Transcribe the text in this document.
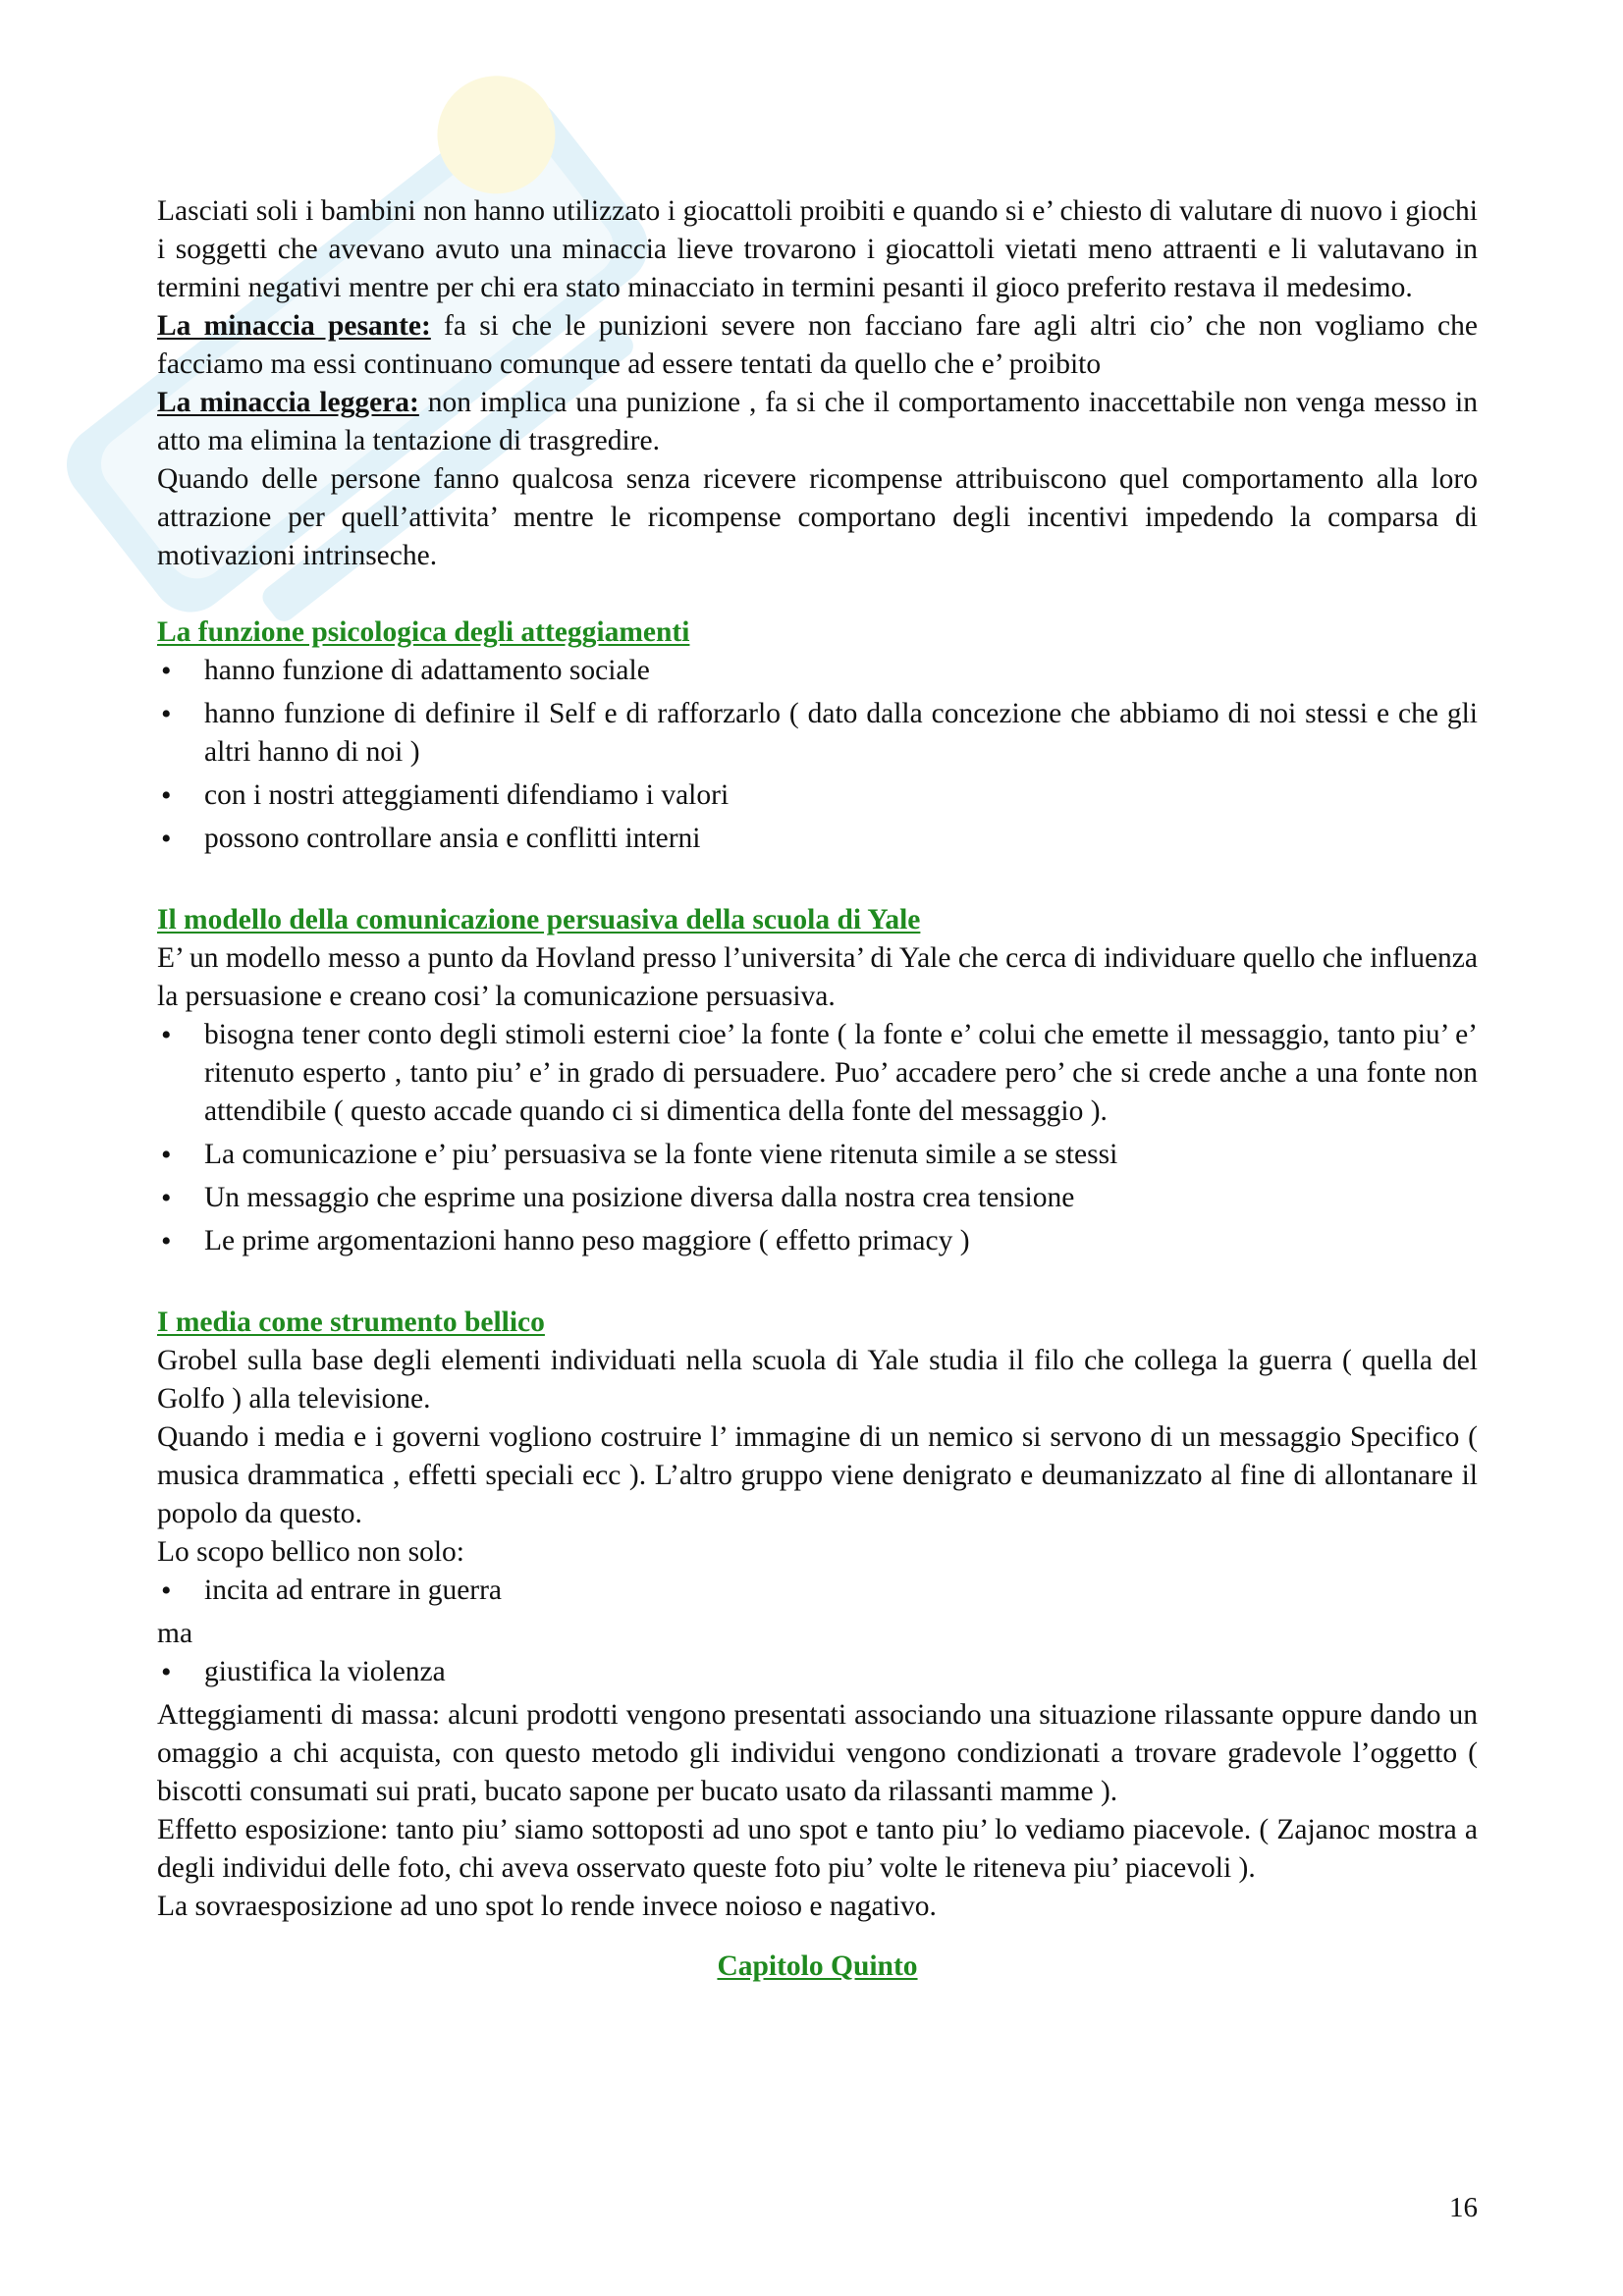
Lasciati soli i bambini non hanno utilizzato i giocattoli proibiti e quando si e’ chiesto di valutare di nuovo i giochi i soggetti che avevano avuto una minaccia lieve trovarono i giocattoli vietati meno attraenti e li valutavano in termini negativi mentre per chi era stato minacciato in termini pesanti il gioco preferito restava il medesimo.

La minaccia pesante: fa si che le punizioni severe non facciano fare agli altri cio’ che non vogliamo che facciamo ma essi continuano comunque ad essere tentati da quello che e’ proibito

La minaccia leggera: non implica una punizione , fa si che il comportamento inaccettabile non venga messo in atto ma elimina la tentazione di trasgredire.

Quando delle persone fanno qualcosa senza ricevere ricompense attribuiscono quel comportamento alla loro attrazione per quell’attivita’ mentre le ricompense comportano degli incentivi impedendo la comparsa di motivazioni intrinseche.

La funzione psicologica degli atteggiamenti

• hanno funzione di adattamento sociale
• hanno funzione di definire il Self e di rafforzarlo ( dato dalla concezione che abbiamo di noi stessi e che gli altri hanno di noi )
• con i nostri atteggiamenti difendiamo i valori
• possono controllare ansia e conflitti interni

Il modello della comunicazione persuasiva della scuola di Yale

E’ un modello messo a punto da Hovland presso l’universita’ di Yale che cerca di individuare quello che influenza la persuasione e creano cosi’ la comunicazione persuasiva.

• bisogna tener conto degli stimoli esterni cioe’ la fonte ( la fonte e’ colui che emette il messaggio, tanto piu’ e’ ritenuto esperto , tanto piu’ e’ in grado di persuadere. Puo’ accadere pero’ che si crede anche a una fonte non attendibile ( questo accade quando ci si dimentica della fonte del messaggio ).
• La comunicazione e’ piu’ persuasiva se la fonte viene ritenuta simile a se stessi
• Un messaggio che esprime una posizione diversa dalla nostra crea tensione
• Le prime argomentazioni hanno peso maggiore ( effetto primacy )

I media come strumento bellico

Grobel sulla base degli elementi individuati nella scuola di Yale studia il filo che collega la guerra ( quella del Golfo ) alla televisione.

Quando i media e i governi vogliono costruire l’ immagine di un nemico si servono di un messaggio Specifico ( musica drammatica , effetti speciali ecc ). L’altro gruppo viene denigrato e deumanizzato al fine di allontanare il popolo da questo.

Lo scopo bellico non solo:

• incita ad entrare in guerra

ma

• giustifica la violenza

Atteggiamenti di massa: alcuni prodotti vengono presentati associando una situazione rilassante oppure dando un omaggio a chi acquista, con questo metodo gli individui vengono condizionati a trovare gradevole l’oggetto ( biscotti consumati sui prati, bucato sapone per bucato usato da rilassanti mamme ).

Effetto esposizione: tanto piu’ siamo sottoposti ad uno spot e tanto piu’ lo vediamo piacevole. ( Zajanoc mostra a degli individui delle foto, chi aveva osservato queste foto piu’ volte le riteneva piu’ piacevoli ).

La sovraesposizione ad uno spot lo rende invece noioso e nagativo.

Capitolo Quinto

16
